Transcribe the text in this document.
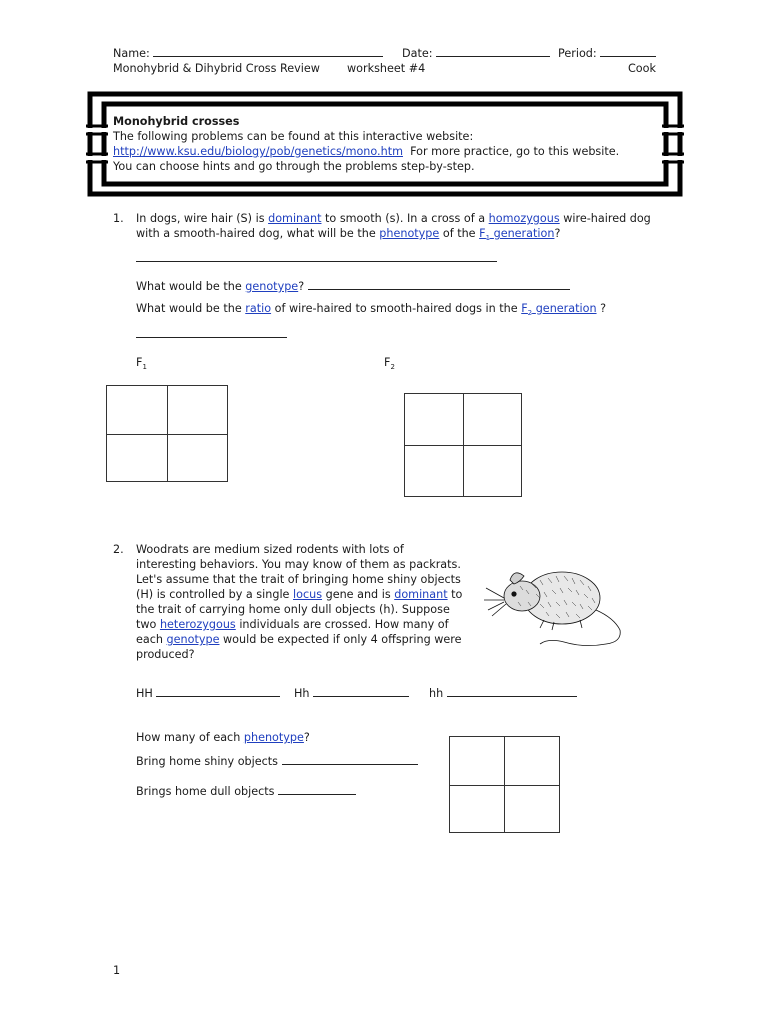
Name:	Date:	Period:
Monohybrid & Dihybrid Cross Review worksheet #4	Cook
Monohybrid crosses
The following problems can be found at this interactive website:
http://www.ksu.edu/biology/pob/genetics/mono.htm For more practice, go to this website.
You can choose hints and go through the problems step-by-step.
1. In dogs, wire hair (S) is dominant to smooth (s). In a cross of a homozygous wire-haired dog
with a smooth-haired dog, what will be the phenotype of the $F_1$ generation?
What would be the genotype?
What would be the ratio of wire-haired to smooth-haired dogs in the $F_2$ generation ?
$F_1$	$F_2$
2. Woodrats are medium sized rodents with lots of
interesting behaviors. You may know of them as packrats.
Let's assume that the trait of bringing home shiny objects
(H) is controlled by a single locus gene and is dominant to
the trait of carrying home only dull objects (h). Suppose
two heterozygous individuals are crossed. How many of
each genotype would be expected if only 4 offspring were
produced?
HH	Hh	hh
How many of each phenotype?
Bring home shiny objects
Brings home dull objects
1
